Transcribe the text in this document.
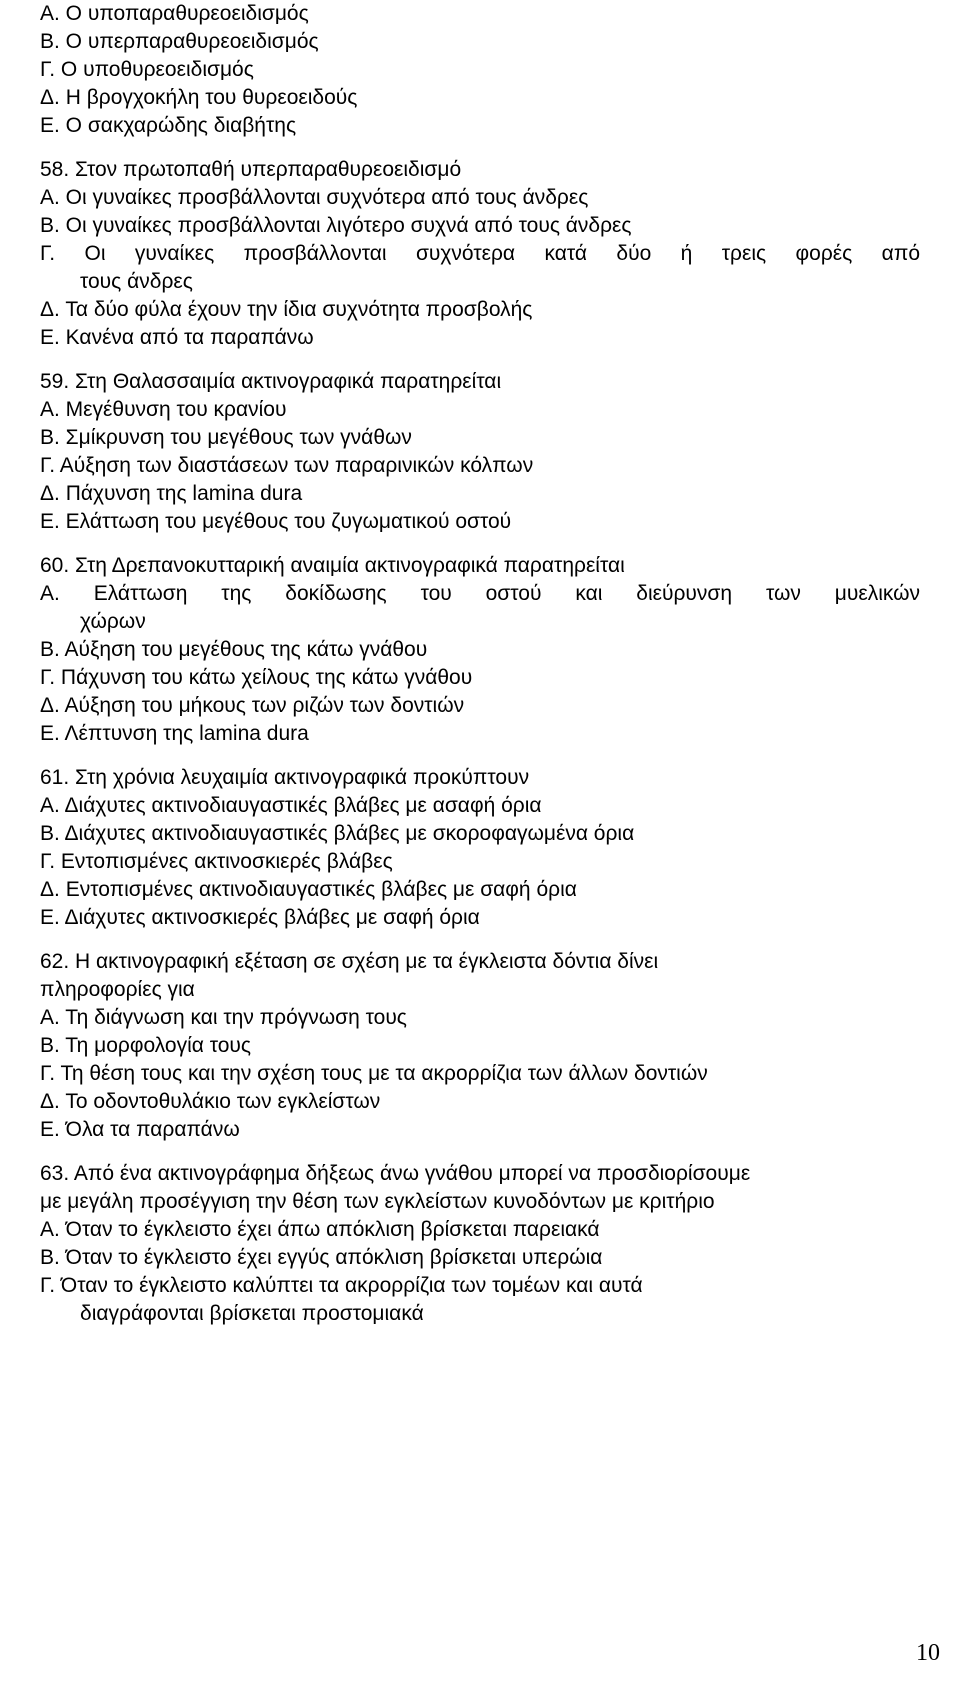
Α. Ο υποπαραθυρεοειδισμός
Β. Ο υπερπαραθυρεοειδισμός
Γ. Ο υποθυρεοειδισμός
Δ. Η βρογχοκήλη του θυρεοειδούς
Ε. Ο σακχαρώδης διαβήτης
58. Στον πρωτοπαθή υπερπαραθυρεοειδισμό
Α. Οι γυναίκες προσβάλλονται συχνότερα από τους άνδρες
Β. Οι γυναίκες προσβάλλονται λιγότερο συχνά από τους άνδρες
Γ. Οι γυναίκες προσβάλλονται συχνότερα κατά δύο ή τρεις φορές από
τους άνδρες
Δ. Τα δύο φύλα έχουν την ίδια συχνότητα προσβολής
Ε. Κανένα από τα παραπάνω
59. Στη Θαλασσαιμία ακτινογραφικά παρατηρείται
Α. Μεγέθυνση του κρανίου
Β. Σμίκρυνση του μεγέθους των γνάθων
Γ. Αύξηση των διαστάσεων των παραρινικών κόλπων
Δ. Πάχυνση της lamina dura
Ε. Ελάττωση του μεγέθους του ζυγωματικού οστού
60. Στη Δρεπανοκυτταρική αναιμία ακτινογραφικά παρατηρείται
Α. Ελάττωση της δοκίδωσης του οστού και διεύρυνση των μυελικών
χώρων
Β. Αύξηση του μεγέθους της κάτω γνάθου
Γ. Πάχυνση του κάτω χείλους της κάτω γνάθου
Δ. Αύξηση του μήκους των ριζών των δοντιών
Ε. Λέπτυνση της lamina dura
61. Στη χρόνια λευχαιμία ακτινογραφικά προκύπτουν
Α. Διάχυτες ακτινοδιαυγαστικές βλάβες με ασαφή όρια
Β. Διάχυτες ακτινοδιαυγαστικές βλάβες με σκοροφαγωμένα όρια
Γ. Εντοπισμένες ακτινοσκιερές βλάβες
Δ. Εντοπισμένες ακτινοδιαυγαστικές βλάβες με σαφή όρια
Ε. Διάχυτες ακτινοσκιερές βλάβες με σαφή όρια
62. Η ακτινογραφική εξέταση σε σχέση με τα έγκλειστα δόντια δίνει
πληροφορίες για
Α. Τη διάγνωση και την πρόγνωση τους
Β. Τη μορφολογία τους
Γ. Τη θέση τους και την σχέση τους με τα ακρορρίζια των άλλων δοντιών
Δ. Το οδοντοθυλάκιο των εγκλείστων
Ε. Όλα τα παραπάνω
63. Από ένα ακτινογράφημα δήξεως άνω γνάθου μπορεί να προσδιορίσουμε
με μεγάλη προσέγγιση την θέση των εγκλείστων κυνοδόντων με κριτήριο
Α. Όταν το έγκλειστο έχει άπω απόκλιση βρίσκεται παρειακά
Β. Όταν το έγκλειστο έχει εγγύς απόκλιση βρίσκεται υπερώια
Γ. Όταν το έγκλειστο καλύπτει τα ακρορρίζια των τομέων και αυτά
διαγράφονται βρίσκεται προστομιακά
10
